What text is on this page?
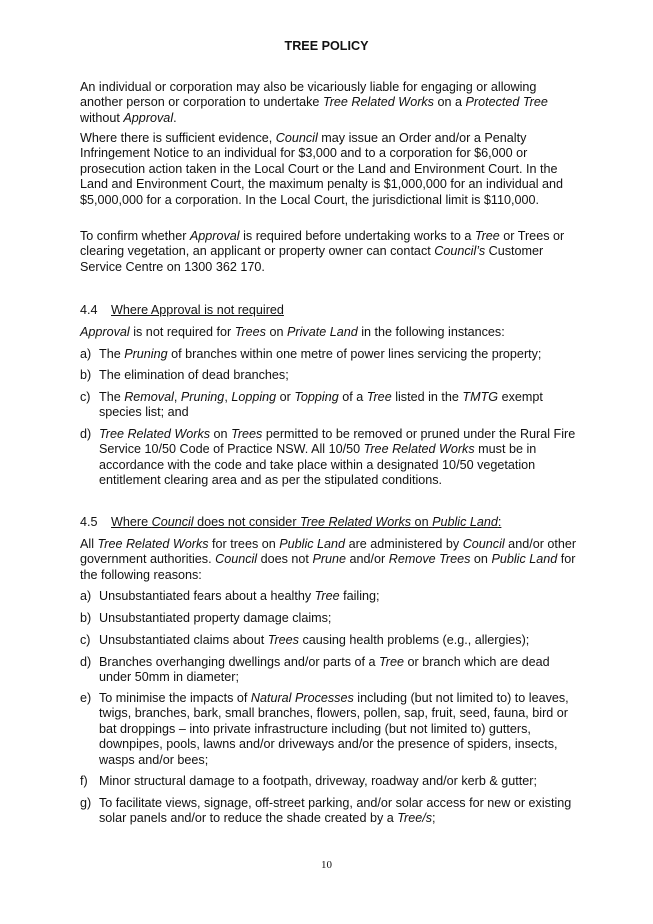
TREE POLICY

An individual or corporation may also be vicariously liable for engaging or allowing another person or corporation to undertake Tree Related Works on a Protected Tree without Approval.

Where there is sufficient evidence, Council may issue an Order and/or a Penalty Infringement Notice to an individual for $3,000 and to a corporation for $6,000 or prosecution action taken in the Local Court or the Land and Environment Court. In the Land and Environment Court, the maximum penalty is $1,000,000 for an individual and $5,000,000 for a corporation. In the Local Court, the jurisdictional limit is $110,000.

To confirm whether Approval is required before undertaking works to a Tree or Trees or clearing vegetation, an applicant or property owner can contact Council’s Customer Service Centre on 1300 362 170.

4.4 Where Approval is not required

Approval is not required for Trees on Private Land in the following instances:

a) The Pruning of branches within one metre of power lines servicing the property;
b) The elimination of dead branches;
c) The Removal, Pruning, Lopping or Topping of a Tree listed in the TMTG exempt species list; and
d) Tree Related Works on Trees permitted to be removed or pruned under the Rural Fire Service 10/50 Code of Practice NSW. All 10/50 Tree Related Works must be in accordance with the code and take place within a designated 10/50 vegetation entitlement clearing area and as per the stipulated conditions.
4.5 Where Council does not consider Tree Related Works on Public Land:

All Tree Related Works for trees on Public Land are administered by Council and/or other government authorities. Council does not Prune and/or Remove Trees on Public Land for the following reasons:

a) Unsubstantiated fears about a healthy Tree failing;
b) Unsubstantiated property damage claims;
c) Unsubstantiated claims about Trees causing health problems (e.g., allergies);
d) Branches overhanging dwellings and/or parts of a Tree or branch which are dead under 50mm in diameter;
e) To minimise the impacts of Natural Processes including (but not limited to) to leaves, twigs, branches, bark, small branches, flowers, pollen, sap, fruit, seed, fauna, bird or bat droppings – into private infrastructure including (but not limited to) gutters, downpipes, pools, lawns and/or driveways and/or the presence of spiders, insects, wasps and/or bees;
f) Minor structural damage to a footpath, driveway, roadway and/or kerb & gutter;
g) To facilitate views, signage, off-street parking, and/or solar access for new or existing solar panels and/or to reduce the shade created by a Tree/s;
10
